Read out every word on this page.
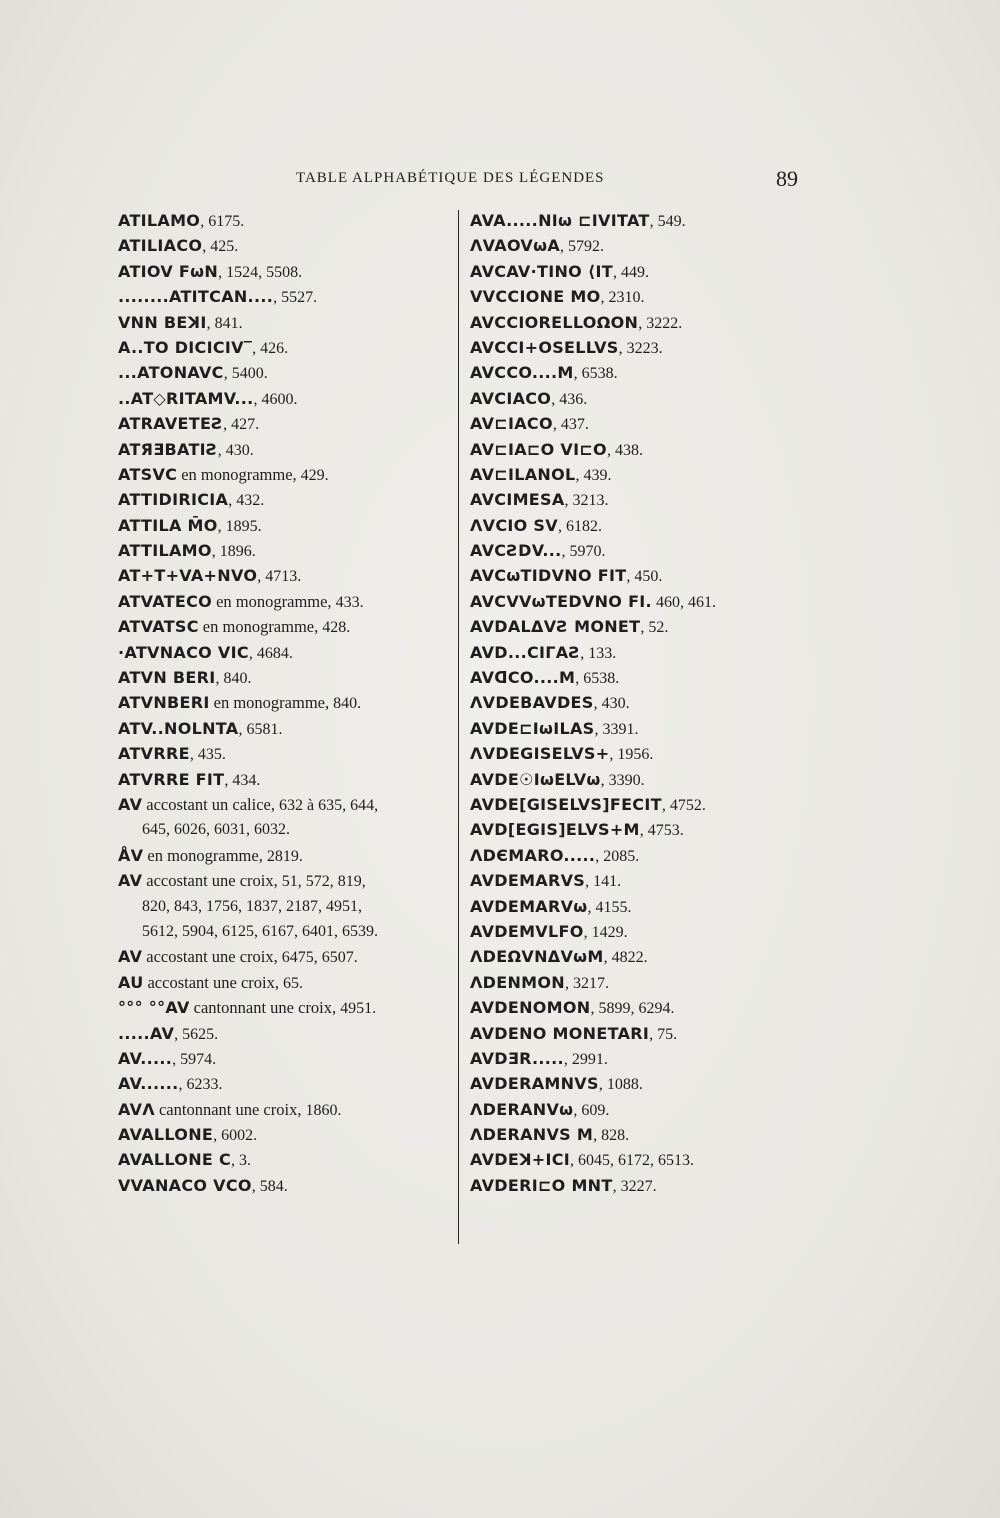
TABLE ALPHABÉTIQUE DES LÉGENDES	89
ATILAMO, 6175.
ATILIACO, 425.
ATIOV FωN, 1524, 5508.
........ATITCAN...., 5527.
VNN BEꓘI, 841.
A..TO DICICIV‾, 426.
...ATONAVC, 5400.
..AT◇RITAMV..., 4600.
ATRAVETEƧ, 427.
ATЯƎBATIƧ, 430.
ATSVC en monogramme, 429.
ATTIDIRICIA, 432.
ATTILA M̄O, 1895.
ATTILAMO, 1896.
AT+T+VA+NVO, 4713.
ATVATECO en monogramme, 433.
ATVATSC en monogramme, 428.
·ATVNACO VIC, 4684.
ATVN BERI, 840.
ATVNBERI en monogramme, 840.
ATV..NOLNTA, 6581.
ATVRRE, 435.
ATVRRE FIT, 434.
AV accostant un calice, 632 à 635, 644,
645, 6026, 6031, 6032.
ÅV en monogramme, 2819.
AV accostant une croix, 51, 572, 819,
820, 843, 1756, 1837, 2187, 4951,
5612, 5904, 6125, 6167, 6401, 6539.
AV accostant une croix, 6475, 6507.
AU accostant une croix, 65.
°°° °°AV cantonnant une croix, 4951.
.....AV, 5625.
AV....., 5974.
AV......, 6233.
AVΛ cantonnant une croix, 1860.
AVALLONE, 6002.
AVALLONE C, 3.
VVANACO VCO, 584.
AVA.....NIω ⊏IVITAT, 549.
ΛVAOVωA, 5792.
AVCAV·TINO ⟨IT, 449.
VVCCIONE MO, 2310.
AVCCIORELLOΩON, 3222.
AVCCI+OSELLVS, 3223.
AVCCO....M, 6538.
AVCIACO, 436.
AV⊏IACO, 437.
AV⊏IA⊏O VI⊏O, 438.
AV⊏ILANOL, 439.
AVCIMESA, 3213.
ΛVCIO SV, 6182.
AVCƧDV..., 5970.
AVCωTIDVNO FIT, 450.
AVCVVωTEDVNO FI. 460, 461.
AVDALΔVƧ MONET, 52.
AVD...CIΓAƧ, 133.
AVᗡCO....M, 6538.
ΛVDEBAVDES, 430.
AVDE⊏IωILAS, 3391.
ΛVDEGISELVS+, 1956.
AVDE☉IωELVω, 3390.
AVDE[GISELVS]FECIT, 4752.
AVD[EGIS]ELVS+M, 4753.
ΛDЄMARO....., 2085.
AVDEMARVS, 141.
AVDEMARVω, 4155.
AVDEMVLFO, 1429.
ΛDEΩVNΔVωM, 4822.
ΛDENMON, 3217.
AVDENOMON, 5899, 6294.
AVDENO MONETARI, 75.
AVDƎR....., 2991.
AVDERAMNVS, 1088.
ΛDERANVω, 609.
ΛDERANVS M, 828.
AVDEꓘ+ICI, 6045, 6172, 6513.
AVDERI⊏O MNT, 3227.
